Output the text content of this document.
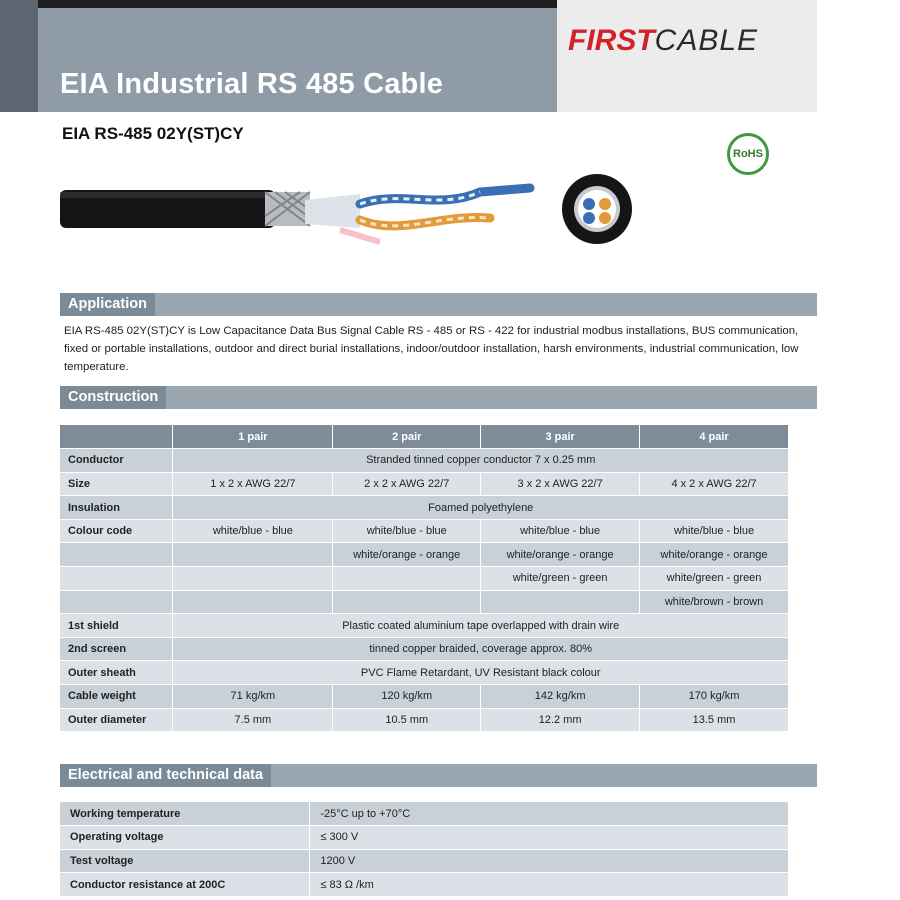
EIA Industrial RS 485 Cable
FIRSTCABLE
EIA RS-485 02Y(ST)CY
RoHS
Application
EIA RS-485 02Y(ST)CY is Low Capacitance Data Bus Signal Cable RS - 485 or RS - 422 for industrial modbus installations, BUS communication, fixed or portable installations, outdoor and direct burial installations, indoor/outdoor installation, harsh environments, industrial communication, low temperature.
Construction
	1 pair	2 pair	3 pair	4 pair
Conductor	Stranded tinned copper conductor 7 x 0.25 mm			
Size	1 x 2 x AWG 22/7	2 x 2 x AWG 22/7	3 x 2 x AWG 22/7	4 x 2 x AWG 22/7
Insulation	Foamed polyethylene			
Colour code	white/blue - blue	white/blue - blue	white/blue - blue	white/blue - blue
		white/orange - orange	white/orange - orange	white/orange - orange
			white/green - green	white/green - green
				white/brown - brown
1st shield	Plastic coated aluminium tape overlapped with drain wire			
2nd screen	tinned copper braided, coverage approx. 80%			
Outer sheath	PVC Flame Retardant, UV Resistant black colour			
Cable weight	71 kg/km	120 kg/km	142 kg/km	170 kg/km
Outer diameter	7.5 mm	10.5 mm	12.2 mm	13.5 mm
Electrical and technical data
Working temperature	-25°C up to +70°C
Operating voltage	≤ 300 V
Test voltage	1200 V
Conductor resistance at 200C	≤ 83 Ω /km
